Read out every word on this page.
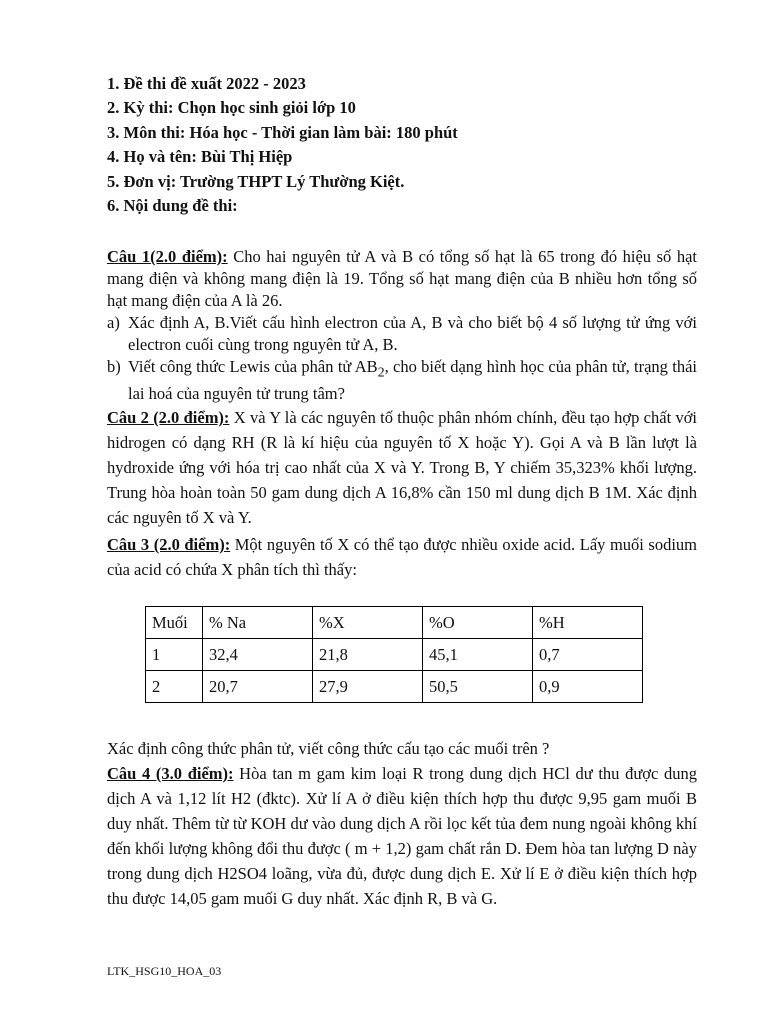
1. Đề thi đề xuất 2022 - 2023
2. Kỳ thi: Chọn học sinh giỏi lớp 10
3. Môn thi: Hóa học - Thời gian làm bài: 180 phút
4. Họ và tên: Bùi Thị Hiệp
5. Đơn vị: Trường THPT Lý Thường Kiệt.
6. Nội dung đề thi:

Câu 1(2.0 điểm): Cho hai nguyên tử A và B có tổng số hạt là 65 trong đó hiệu số hạt mang điện và không mang điện là 19. Tổng số hạt mang điện của B nhiều hơn tổng số hạt mang điện của A là 26.

a) Xác định A, B.Viết cấu hình electron của A, B và cho biết bộ 4 số lượng tử ứng với electron cuối cùng trong nguyên tử A, B.
b) Viết công thức Lewis của phân tử $AB_2$, cho biết dạng hình học của phân tử, trạng thái lai hoá của nguyên tử trung tâm?

Câu 2 (2.0 điểm): X và Y là các nguyên tố thuộc phân nhóm chính, đều tạo hợp chất với hidrogen có dạng RH (R là kí hiệu của nguyên tố X hoặc Y). Gọi A và B lần lượt là hydroxide ứng với hóa trị cao nhất của X và Y. Trong B, Y chiếm 35,323% khối lượng. Trung hòa hoàn toàn 50 gam dung dịch A 16,8% cần 150 ml dung dịch B 1M. Xác định các nguyên tố X và Y.

Câu 3 (2.0 điểm): Một nguyên tố X có thể tạo được nhiều oxide acid. Lấy muối sodium của acid có chứa X phân tích thì thấy:

Muối	% Na	%X	%O	%H
1	32,4	21,8	45,1	0,7
2	20,7	27,9	50,5	0,9

Xác định công thức phân tử, viết công thức cấu tạo các muối trên ?

Câu 4 (3.0 điểm): Hòa tan m gam kim loại R trong dung dịch HCl dư thu được dung dịch A và 1,12 lít H2 (đktc). Xử lí A ở điều kiện thích hợp thu được 9,95 gam muối B duy nhất. Thêm từ từ KOH dư vào dung dịch A rồi lọc kết tủa đem nung ngoài không khí đến khối lượng không đổi thu được ( m + 1,2) gam chất rắn D. Đem hòa tan lượng D này trong dung dịch H2SO4 loãng, vừa đủ, được dung dịch E. Xử lí E ở điều kiện thích hợp thu được 14,05 gam muối G duy nhất. Xác định R, B và G.

LTK_HSG10_HOA_03
